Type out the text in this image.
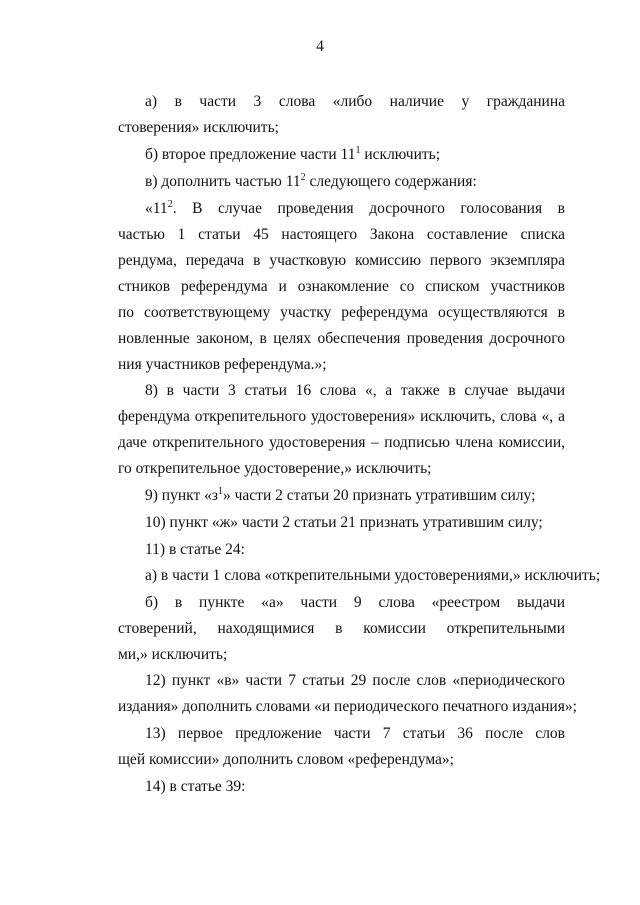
4
а) в части 3 слова «либо наличие у гражданина
стоверения» исключить;
б) второе предложение части $11^1$ исключить;
в) дополнить частью $11^2$ следующего содержания:
«$11^2$. В случае проведения досрочного голосования в
частью 1 статьи 45 настоящего Закона составление списка
рендума, передача в участковую комиссию первого экземпляра
стников референдума и ознакомление со списком участников
по соответствующему участку референдума осуществляются в
новленные законом, в целях обеспечения проведения досрочного
ния участников референдума.»;
8) в части 3 статьи 16 слова «, а также в случае выдачи
ферендума открепительного удостоверения» исключить, слова «, а
даче открепительного удостоверения – подписью члена комиссии,
го открепительное удостоверение,» исключить;
9) пункт «$з^1$» части 2 статьи 20 признать утратившим силу;
10) пункт «ж» части 2 статьи 21 признать утратившим силу;
11) в статье 24:
а) в части 1 слова «открепительными удостоверениями,» исключить;
б) в пункте «а» части 9 слова «реестром выдачи
стоверений, находящимися в комиссии открепительными
ми,» исключить;
12) пункт «в» части 7 статьи 29 после слов «периодического
издания» дополнить словами «и периодического печатного издания»;
13) первое предложение части 7 статьи 36 после слов
щей комиссии» дополнить словом «референдума»;
14) в статье 39:
